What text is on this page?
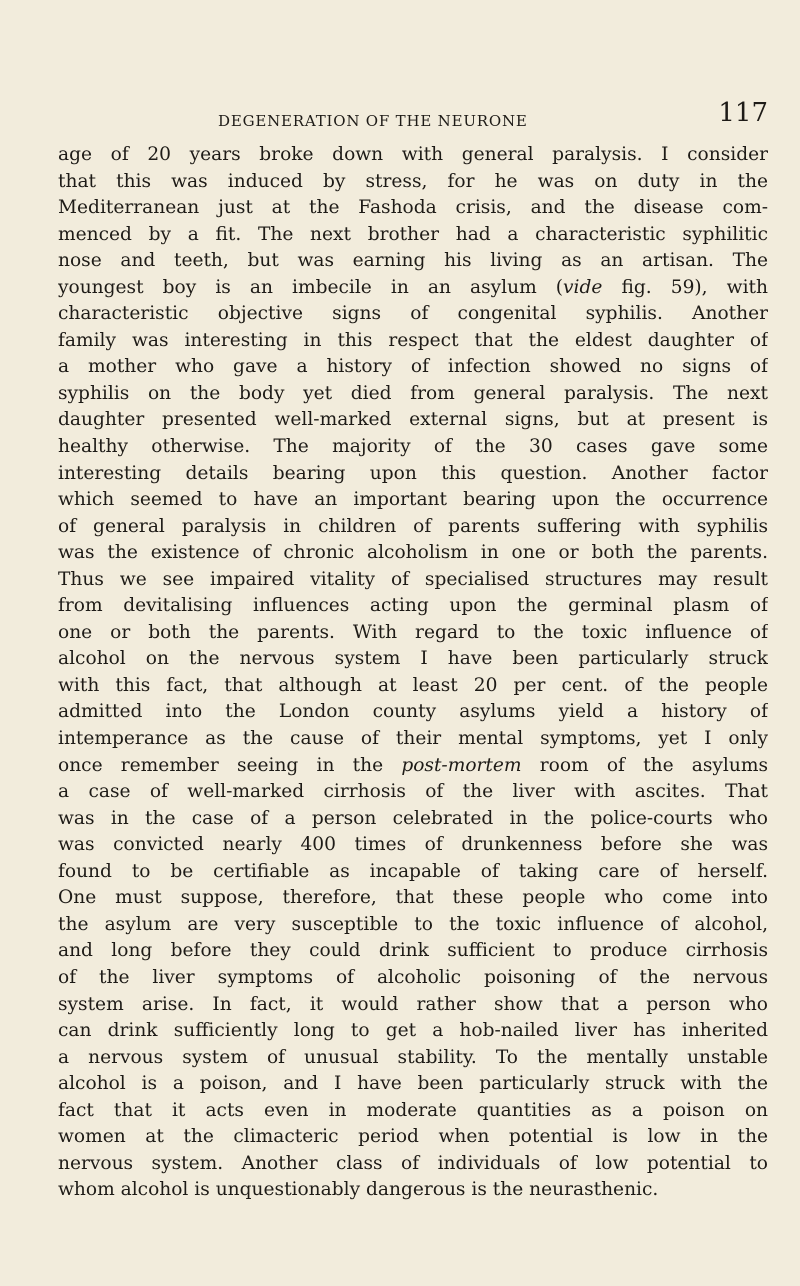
DEGENERATION OF THE NEURONE	117
age of 20 years broke down with general paralysis. I consider
that this was induced by stress, for he was on duty in the
Mediterranean just at the Fashoda crisis, and the disease com-
menced by a fit. The next brother had a characteristic syphilitic
nose and teeth, but was earning his living as an artisan. The
youngest boy is an imbecile in an asylum (vide fig. 59), with
characteristic objective signs of congenital syphilis. Another
family was interesting in this respect that the eldest daughter of
a mother who gave a history of infection showed no signs of
syphilis on the body yet died from general paralysis. The next
daughter presented well-marked external signs, but at present is
healthy otherwise. The majority of the 30 cases gave some
interesting details bearing upon this question. Another factor
which seemed to have an important bearing upon the occurrence
of general paralysis in children of parents suffering with syphilis
was the existence of chronic alcoholism in one or both the parents.
Thus we see impaired vitality of specialised structures may result
from devitalising influences acting upon the germinal plasm of
one or both the parents. With regard to the toxic influence of
alcohol on the nervous system I have been particularly struck
with this fact, that although at least 20 per cent. of the people
admitted into the London county asylums yield a history of
intemperance as the cause of their mental symptoms, yet I only
once remember seeing in the post-mortem room of the asylums
a case of well-marked cirrhosis of the liver with ascites. That
was in the case of a person celebrated in the police-courts who
was convicted nearly 400 times of drunkenness before she was
found to be certifiable as incapable of taking care of herself.
One must suppose, therefore, that these people who come into
the asylum are very susceptible to the toxic influence of alcohol,
and long before they could drink sufficient to produce cirrhosis
of the liver symptoms of alcoholic poisoning of the nervous
system arise. In fact, it would rather show that a person who
can drink sufficiently long to get a hob-nailed liver has inherited
a nervous system of unusual stability. To the mentally unstable
alcohol is a poison, and I have been particularly struck with the
fact that it acts even in moderate quantities as a poison on
women at the climacteric period when potential is low in the
nervous system. Another class of individuals of low potential to
whom alcohol is unquestionably dangerous is the neurasthenic.
